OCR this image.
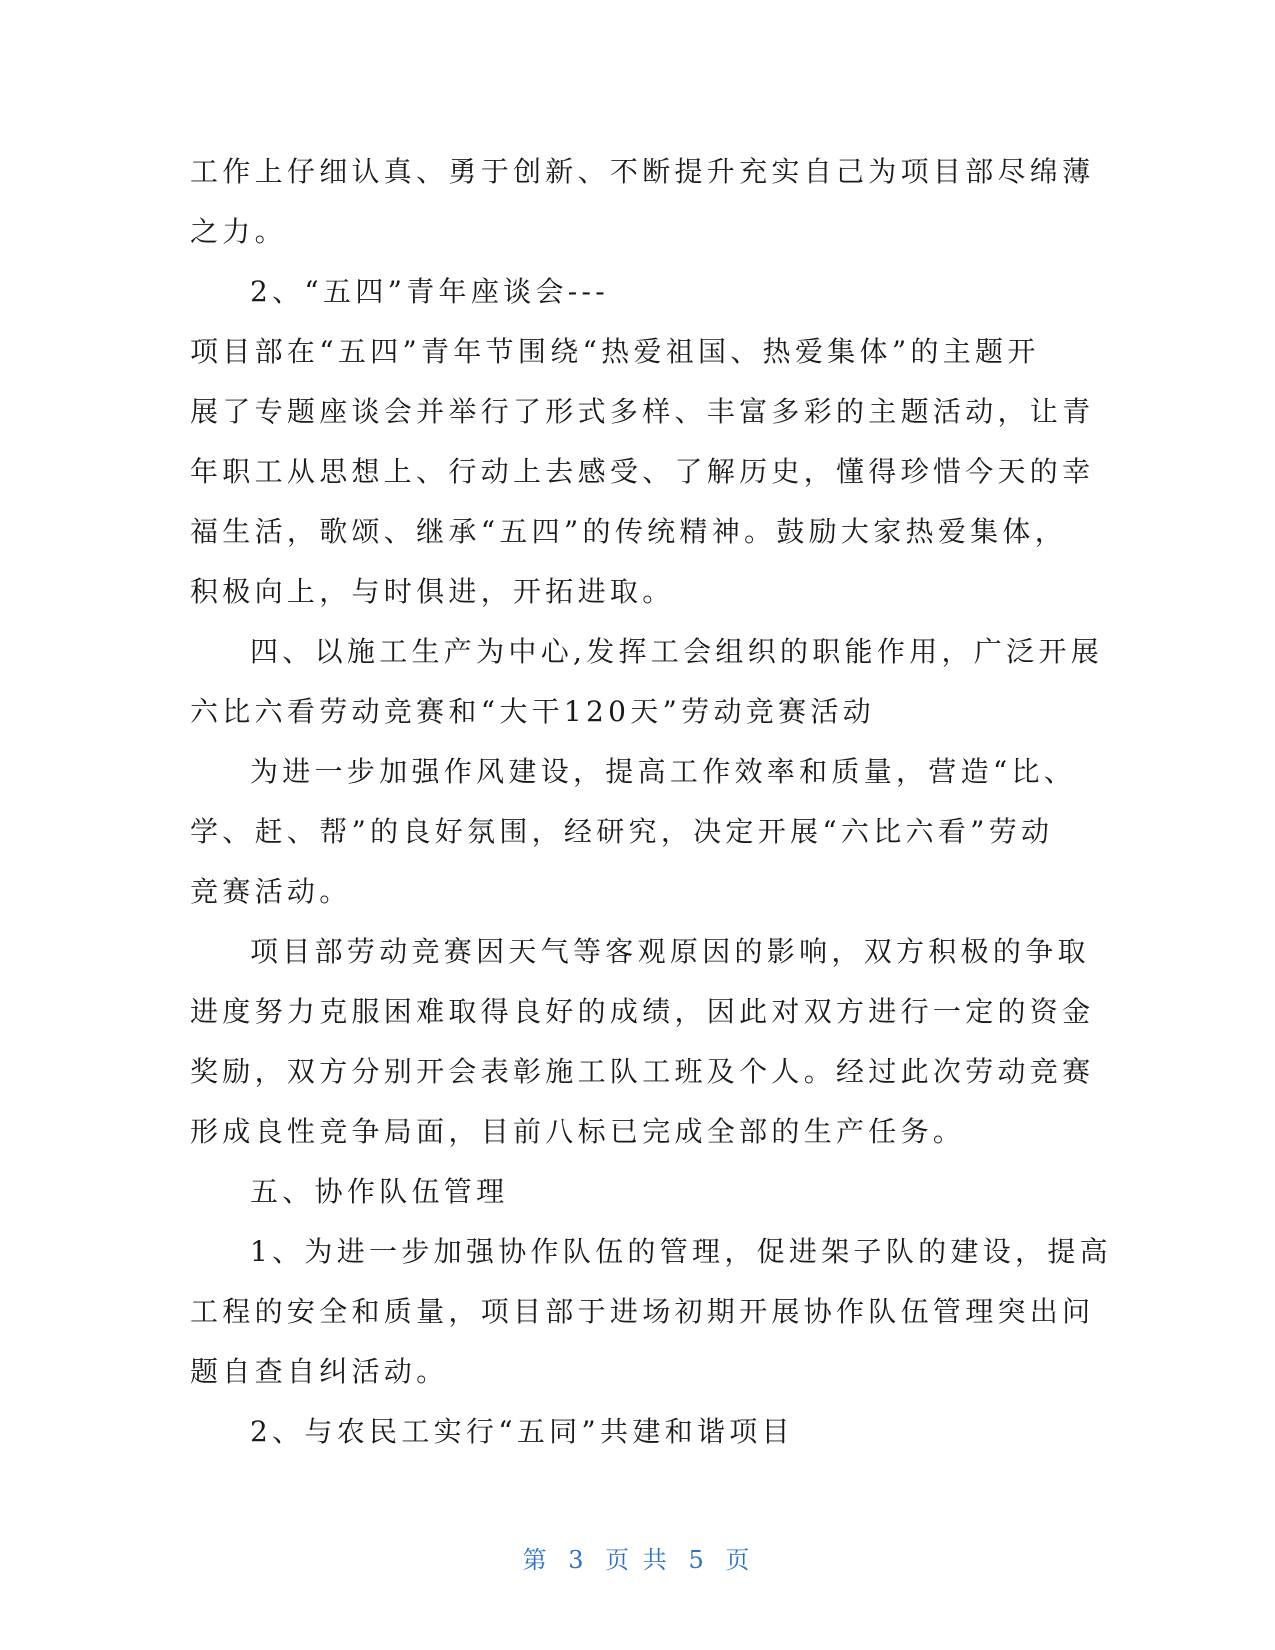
工作上仔细认真、勇于创新、不断提升充实自己为项目部尽绵薄
之力。
2、“五四”青年座谈会---
项目部在“五四”青年节围绕“热爱祖国、热爱集体”的主题开
展了专题座谈会并举行了形式多样、丰富多彩的主题活动，让青
年职工从思想上、行动上去感受、了解历史，懂得珍惜今天的幸
福生活，歌颂、继承“五四”的传统精神。鼓励大家热爱集体，
积极向上，与时俱进，开拓进取。
四、以施工生产为中心,发挥工会组织的职能作用，广泛开展
六比六看劳动竞赛和“大干120天”劳动竞赛活动
为进一步加强作风建设，提高工作效率和质量，营造“比、
学、赶、帮”的良好氛围，经研究，决定开展“六比六看”劳动
竞赛活动。
项目部劳动竞赛因天气等客观原因的影响，双方积极的争取
进度努力克服困难取得良好的成绩，因此对双方进行一定的资金
奖励，双方分别开会表彰施工队工班及个人。经过此次劳动竞赛
形成良性竞争局面，目前八标已完成全部的生产任务。
五、协作队伍管理
1、为进一步加强协作队伍的管理，促进架子队的建设，提高
工程的安全和质量，项目部于进场初期开展协作队伍管理突出问
题自查自纠活动。
2、与农民工实行“五同”共建和谐项目
第 3 页 共 5 页
